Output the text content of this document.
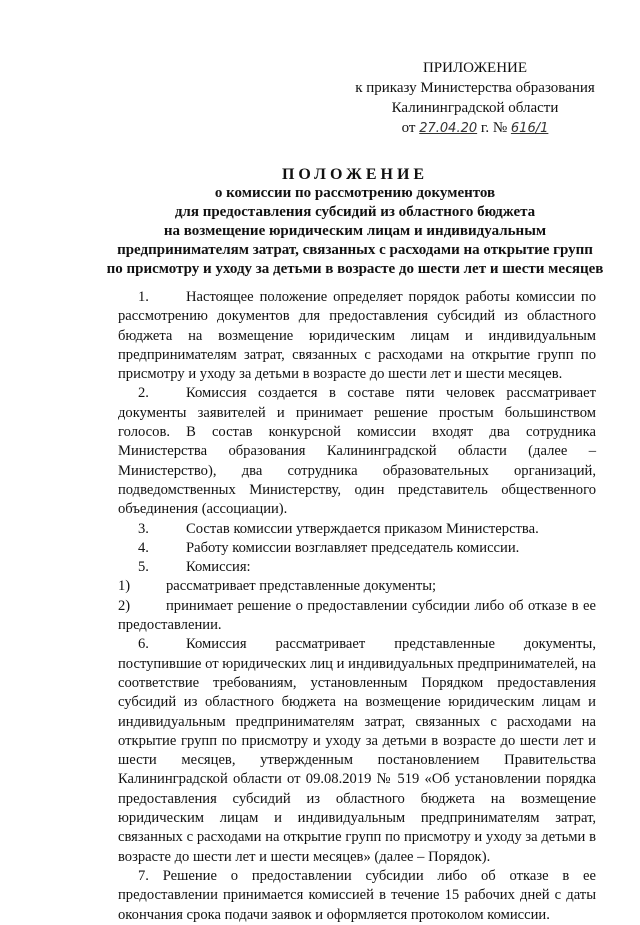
ПРИЛОЖЕНИЕ
к приказу Министерства образования
Калининградской области
от 27.04.20 г. № 616/1
ПОЛОЖЕНИЕ
о комиссии по рассмотрению документов
для предоставления субсидий из областного бюджета
на возмещение юридическим лицам и индивидуальным
предпринимателям затрат, связанных с расходами на открытие групп
по присмотру и уходу за детьми в возрасте до шести лет и шести месяцев

1.	Настоящее положение определяет порядок работы комиссии по рассмотрению документов для предоставления субсидий из областного бюджета на возмещение юридическим лицам и индивидуальным предпринимателям затрат, связанных с расходами на открытие групп по присмотру и уходу за детьми в возрасте до шести лет и шести месяцев.

2.	Комиссия создается в составе пяти человек рассматривает документы заявителей и принимает решение простым большинством голосов. В состав конкурсной комиссии входят два сотрудника Министерства образования Калининградской области (далее – Министерство), два сотрудника образовательных организаций, подведомственных Министерству, один представитель общественного объединения (ассоциации).

3.	Состав комиссии утверждается приказом Министерства.

4.	Работу комиссии возглавляет председатель комиссии.

5.	Комиссия:

1) рассматривает представленные документы;

2) принимает решение о предоставлении субсидии либо об отказе в ее предоставлении.

6.	Комиссия рассматривает представленные документы, поступившие от юридических лиц и индивидуальных предпринимателей, на соответствие требованиям, установленным Порядком предоставления субсидий из областного бюджета на возмещение юридическим лицам и индивидуальным предпринимателям затрат, связанных с расходами на открытие групп по присмотру и уходу за детьми в возрасте до шести лет и шести месяцев, утвержденным постановлением Правительства Калининградской области от 09.08.2019 № 519 «Об установлении порядка предоставления субсидий из областного бюджета на возмещение юридическим лицам и индивидуальным предпринимателям затрат, связанных с расходами на открытие групп по присмотру и уходу за детьми в возрасте до шести лет и шести месяцев» (далее – Порядок).

7. Решение о предоставлении субсидии либо об отказе в ее предоставлении принимается комиссией в течение 15 рабочих дней с даты окончания срока подачи заявок и оформляется протоколом комиссии.
